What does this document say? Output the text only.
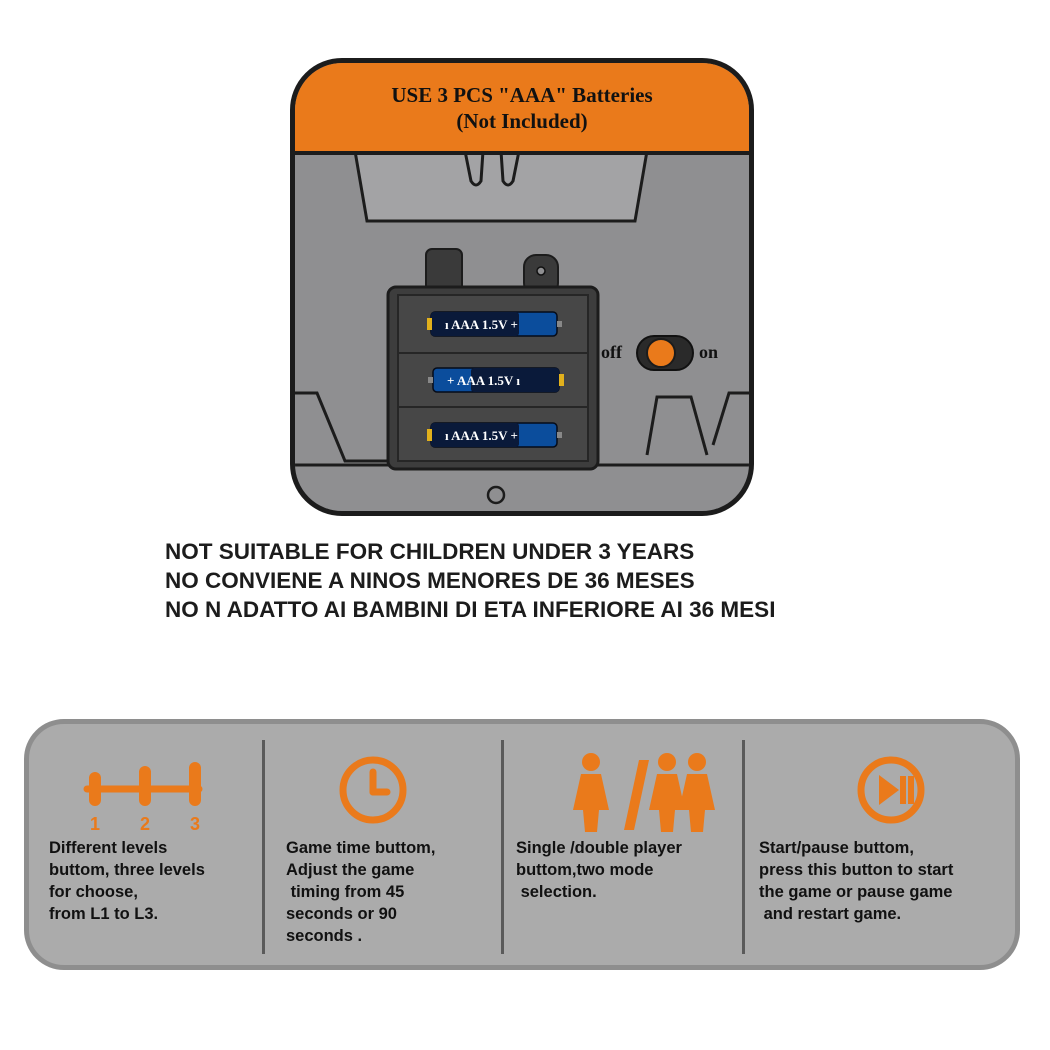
USE 3 PCS "AAA" Batteries
(Not Included)
ı AAA 1.5V +
+ AAA 1.5V ı
ı AAA 1.5V +
off	on
NOT SUITABLE FOR CHILDREN UNDER 3 YEARS
NO CONVIENE A NINOS MENORES DE 36 MESES
NO N ADATTO AI BAMBINI DI ETA INFERIORE AI 36 MESI
1 2 3
Different levels
buttom, three levels
for choose,
from L1 to L3.
Game time buttom,
Adjust the game
timing from 45
seconds or 90
seconds .
Single /double player
buttom,two mode
selection.
Start/pause buttom,
press this button to start
the game or pause game
and restart game.
